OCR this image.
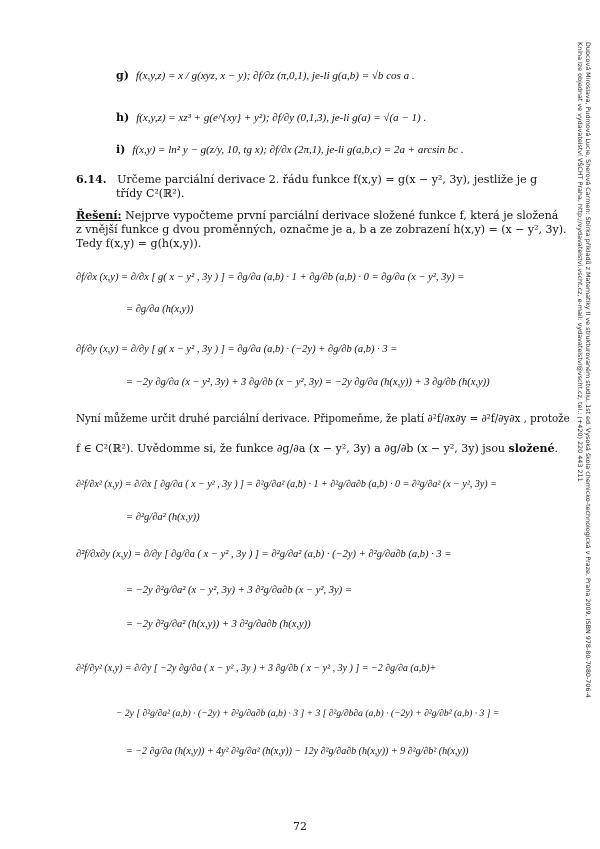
Dubcová Miroslava, Pudmová Lucie, Sherová Carmen: Sbírka příkladů z Matematiky II ve strukturovaném studiu, 1st ed. Vysoká škola chemicko-technologická v Praze, Praha 2009, ISBN 978-80-7080-706-4
Kniha lze objednat ve vydavatelství VŠCHT Praha, http://vydavatelstvi.vscht.cz, e-mail: vydavatelstvi@vscht.cz, tel.: (+420) 220 443 211
g) f(x,y,z) = x / g(xyz, x − y); ∂f/∂z (π,0,1), je-li g(a,b) = √b cos a .
h) f(x,y,z) = xz³ + g(e^{xy} + y²); ∂f/∂y (0,1,3), je-li g(a) = √(a − 1) .
i) f(x,y) = ln² y − g(z/y, 10, tg x); ∂f/∂x (2π,1), je-li g(a,b,c) = 2a + arcsin bc .
6.14. Určeme parciální derivace 2. řádu funkce f(x,y) = g(x − y², 3y), jestliže je g
třídy C²(ℝ²).
Řešení: Nejprve vypočteme první parciální derivace složené funkce f, která je složená
z vnější funkce g dvou proměnných, označme je a, b a ze zobrazení h(x,y) = (x − y², 3y).
Tedy f(x,y) = g(h(x,y)).
∂f/∂x (x,y) = ∂/∂x [ g( x − y² , 3y ) ] = ∂g/∂a (a,b) · 1 + ∂g/∂b (a,b) · 0 = ∂g/∂a (x − y², 3y) =
= ∂g/∂a (h(x,y))
∂f/∂y (x,y) = ∂/∂y [ g( x − y² , 3y ) ] = ∂g/∂a (a,b) · (−2y) + ∂g/∂b (a,b) · 3 =
= −2y ∂g/∂a (x − y², 3y) + 3 ∂g/∂b (x − y², 3y) = −2y ∂g/∂a (h(x,y)) + 3 ∂g/∂b (h(x,y))
Nyní můžeme určit druhé parciální derivace. Připomeňme, že platí ∂²f/∂x∂y = ∂²f/∂y∂x , protože
f ∈ C²(ℝ²). Uvědomme si, že funkce ∂g/∂a (x − y², 3y) a ∂g/∂b (x − y², 3y) jsou složené.
∂²f/∂x² (x,y) = ∂/∂x [ ∂g/∂a ( x − y² , 3y ) ] = ∂²g/∂a² (a,b) · 1 + ∂²g/∂a∂b (a,b) · 0 = ∂²g/∂a² (x − y², 3y) =
= ∂²g/∂a² (h(x,y))
∂²f/∂x∂y (x,y) = ∂/∂y [ ∂g/∂a ( x − y² , 3y ) ] = ∂²g/∂a² (a,b) · (−2y) + ∂²g/∂a∂b (a,b) · 3 =
= −2y ∂²g/∂a² (x − y², 3y) + 3 ∂²g/∂a∂b (x − y², 3y) =
= −2y ∂²g/∂a² (h(x,y)) + 3 ∂²g/∂a∂b (h(x,y))
∂²f/∂y² (x,y) = ∂/∂y [ −2y ∂g/∂a ( x − y² , 3y ) + 3 ∂g/∂b ( x − y² , 3y ) ] = −2 ∂g/∂a (a,b)+
− 2y [ ∂²g/∂a² (a,b) · (−2y) + ∂²g/∂a∂b (a,b) · 3 ] + 3 [ ∂²g/∂b∂a (a,b) · (−2y) + ∂²g/∂b² (a,b) · 3 ] =
= −2 ∂g/∂a (h(x,y)) + 4y² ∂²g/∂a² (h(x,y)) − 12y ∂²g/∂a∂b (h(x,y)) + 9 ∂²g/∂b² (h(x,y))
72
